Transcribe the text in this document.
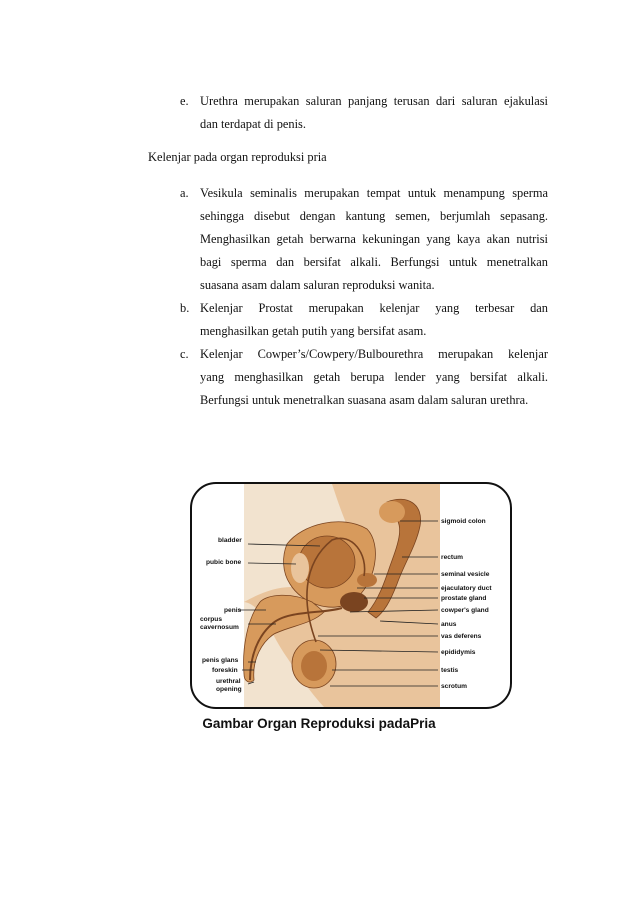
e. Urethra merupakan saluran panjang terusan dari saluran ejakulasi
dan terdapat di penis.
Kelenjar pada organ reproduksi pria
a. Vesikula seminalis merupakan tempat untuk menampung sperma
sehingga disebut dengan kantung semen, berjumlah sepasang.
Menghasilkan getah berwarna kekuningan yang kaya akan nutrisi
bagi sperma dan bersifat alkali. Berfungsi untuk menetralkan
suasana asam dalam saluran reproduksi wanita.
b. Kelenjar Prostat merupakan kelenjar yang terbesar dan
menghasilkan getah putih yang bersifat asam.
c. Kelenjar Cowper’s/Cowpery/Bulbourethra merupakan kelenjar
yang menghasilkan getah berupa lender yang bersifat alkali.
Berfungsi untuk menetralkan suasana asam dalam saluran urethra.
bladder
pubic bone
penis
corpus
cavernosum
penis glans
foreskin
urethral
opening
sigmoid colon
rectum
seminal vesicle
ejaculatory duct
prostate gland
cowper's gland
anus
vas deferens
epididymis
testis
scrotum
Gambar Organ Reproduksi padaPria
